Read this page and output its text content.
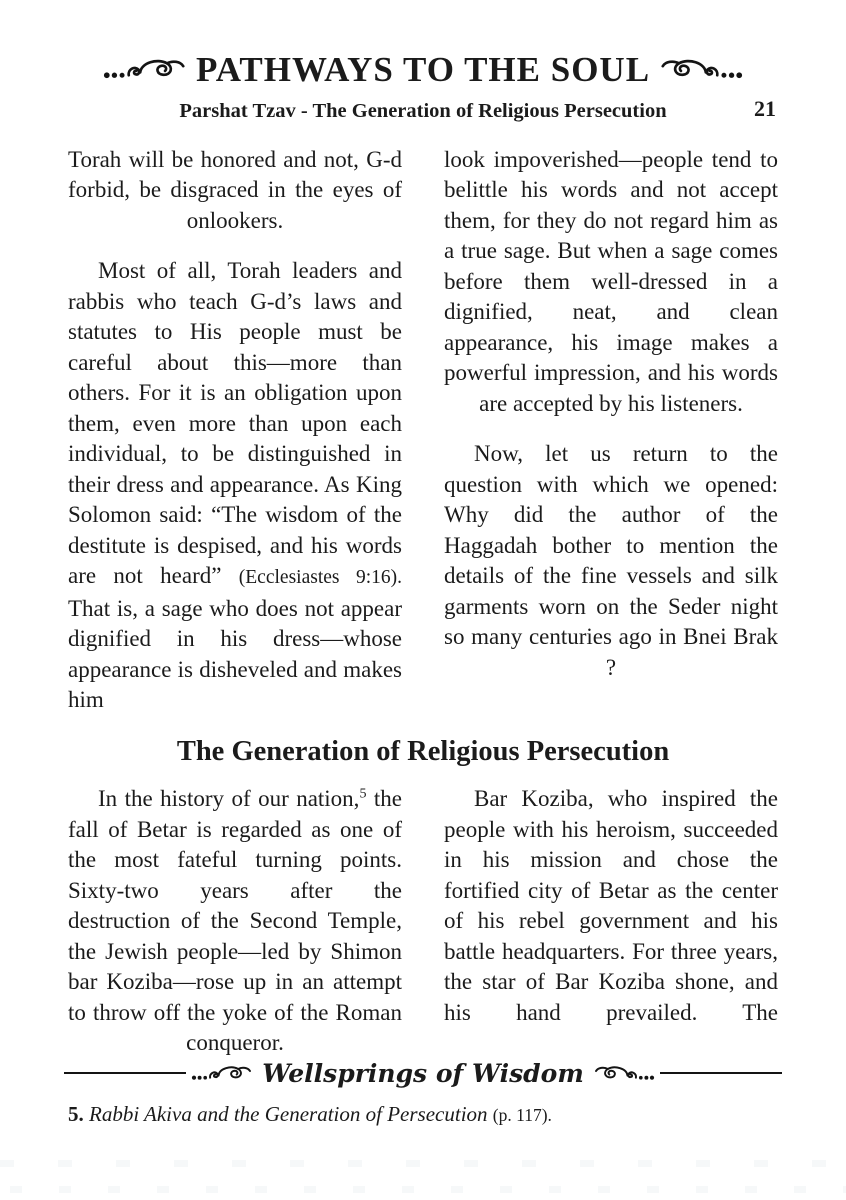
PATHWAYS TO THE SOUL
21
Parshat Tzav - The Generation of Religious Persecution

Torah will be honored and not, G-d forbid, be disgraced in the eyes of onlookers.

Most of all, Torah leaders and rabbis who teach G-d’s laws and statutes to His people must be careful about this—more than others. For it is an obligation upon them, even more than upon each individual, to be distinguished in their dress and appearance. As King Solomon said: “The wisdom of the destitute is despised, and his words are not heard” (Ecclesiastes 9:16). That is, a sage who does not appear dignified in his dress—whose appearance is disheveled and makes him

look impoverished—people tend to belittle his words and not accept them, for they do not regard him as a true sage. But when a sage comes before them well-dressed in a dignified, neat, and clean appearance, his image makes a powerful impression, and his words are accepted by his listeners.

Now, let us return to the question with which we opened: Why did the author of the Haggadah bother to mention the details of the fine vessels and silk garments worn on the Seder night so many centuries ago in Bnei Brak ?

The Generation of Religious Persecution

In the history of our nation,$^5$ the fall of Betar is regarded as one of the most fateful turning points. Sixty-two years after the destruction of the Second Temple, the Jewish people—led by Shimon bar Koziba—rose up in an attempt to throw off the yoke of the Roman conqueror.

Bar Koziba, who inspired the people with his heroism, succeeded in his mission and chose the fortified city of Betar as the center of his rebel government and his battle headquarters. For three years, the star of Bar Koziba shone, and his hand prevailed. The

Wellsprings of Wisdom

5. Rabbi Akiva and the Generation of Persecution (p. 117).
